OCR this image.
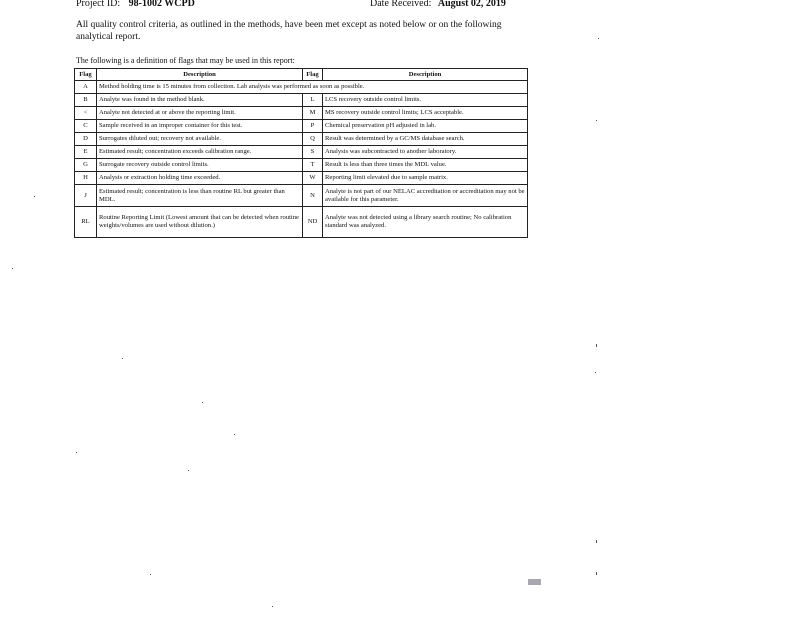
Project ID: 98-1002 WCPD	Date Received: August 02, 2019
All quality control criteria, as outlined in the methods, have been met except as noted below or on the following analytical report.
The following is a definition of flags that may be used in this report:
Flag	Description	Flag	Description
A	Method holding time is 15 minutes from collection. Lab analysis was performed as soon as possible.		
B	Analyte was found in the method blank.	L	LCS recovery outside control limits.
<	Analyte not detected at or above the reporting limit.	M	MS recovery outside control limits; LCS acceptable.
C	Sample received in an improper container for this test.	P	Chemical preservation pH adjusted in lab.
D	Surrogates diluted out; recovery not available.	Q	Result was determined by a GC/MS database search.
E	Estimated result; concentration exceeds calibration range.	S	Analysis was subcontracted to another laboratory.
G	Surrogate recovery outside control limits.	T	Result is less than three times the MDL value.
H	Analysis or extraction holding time exceeded.	W	Reporting limit elevated due to sample matrix.
J	Estimated result; concentration is less than routine RL but greater than MDL.	N	Analyte is not part of our NELAC accreditation or accreditation may not be available for this parameter.
RL	Routine Reporting Limit (Lowest amount that can be detected when routine weights/volumes are used without dilution.)	ND	Analyte was not detected using a library search routine; No calibration standard was analyzed.
